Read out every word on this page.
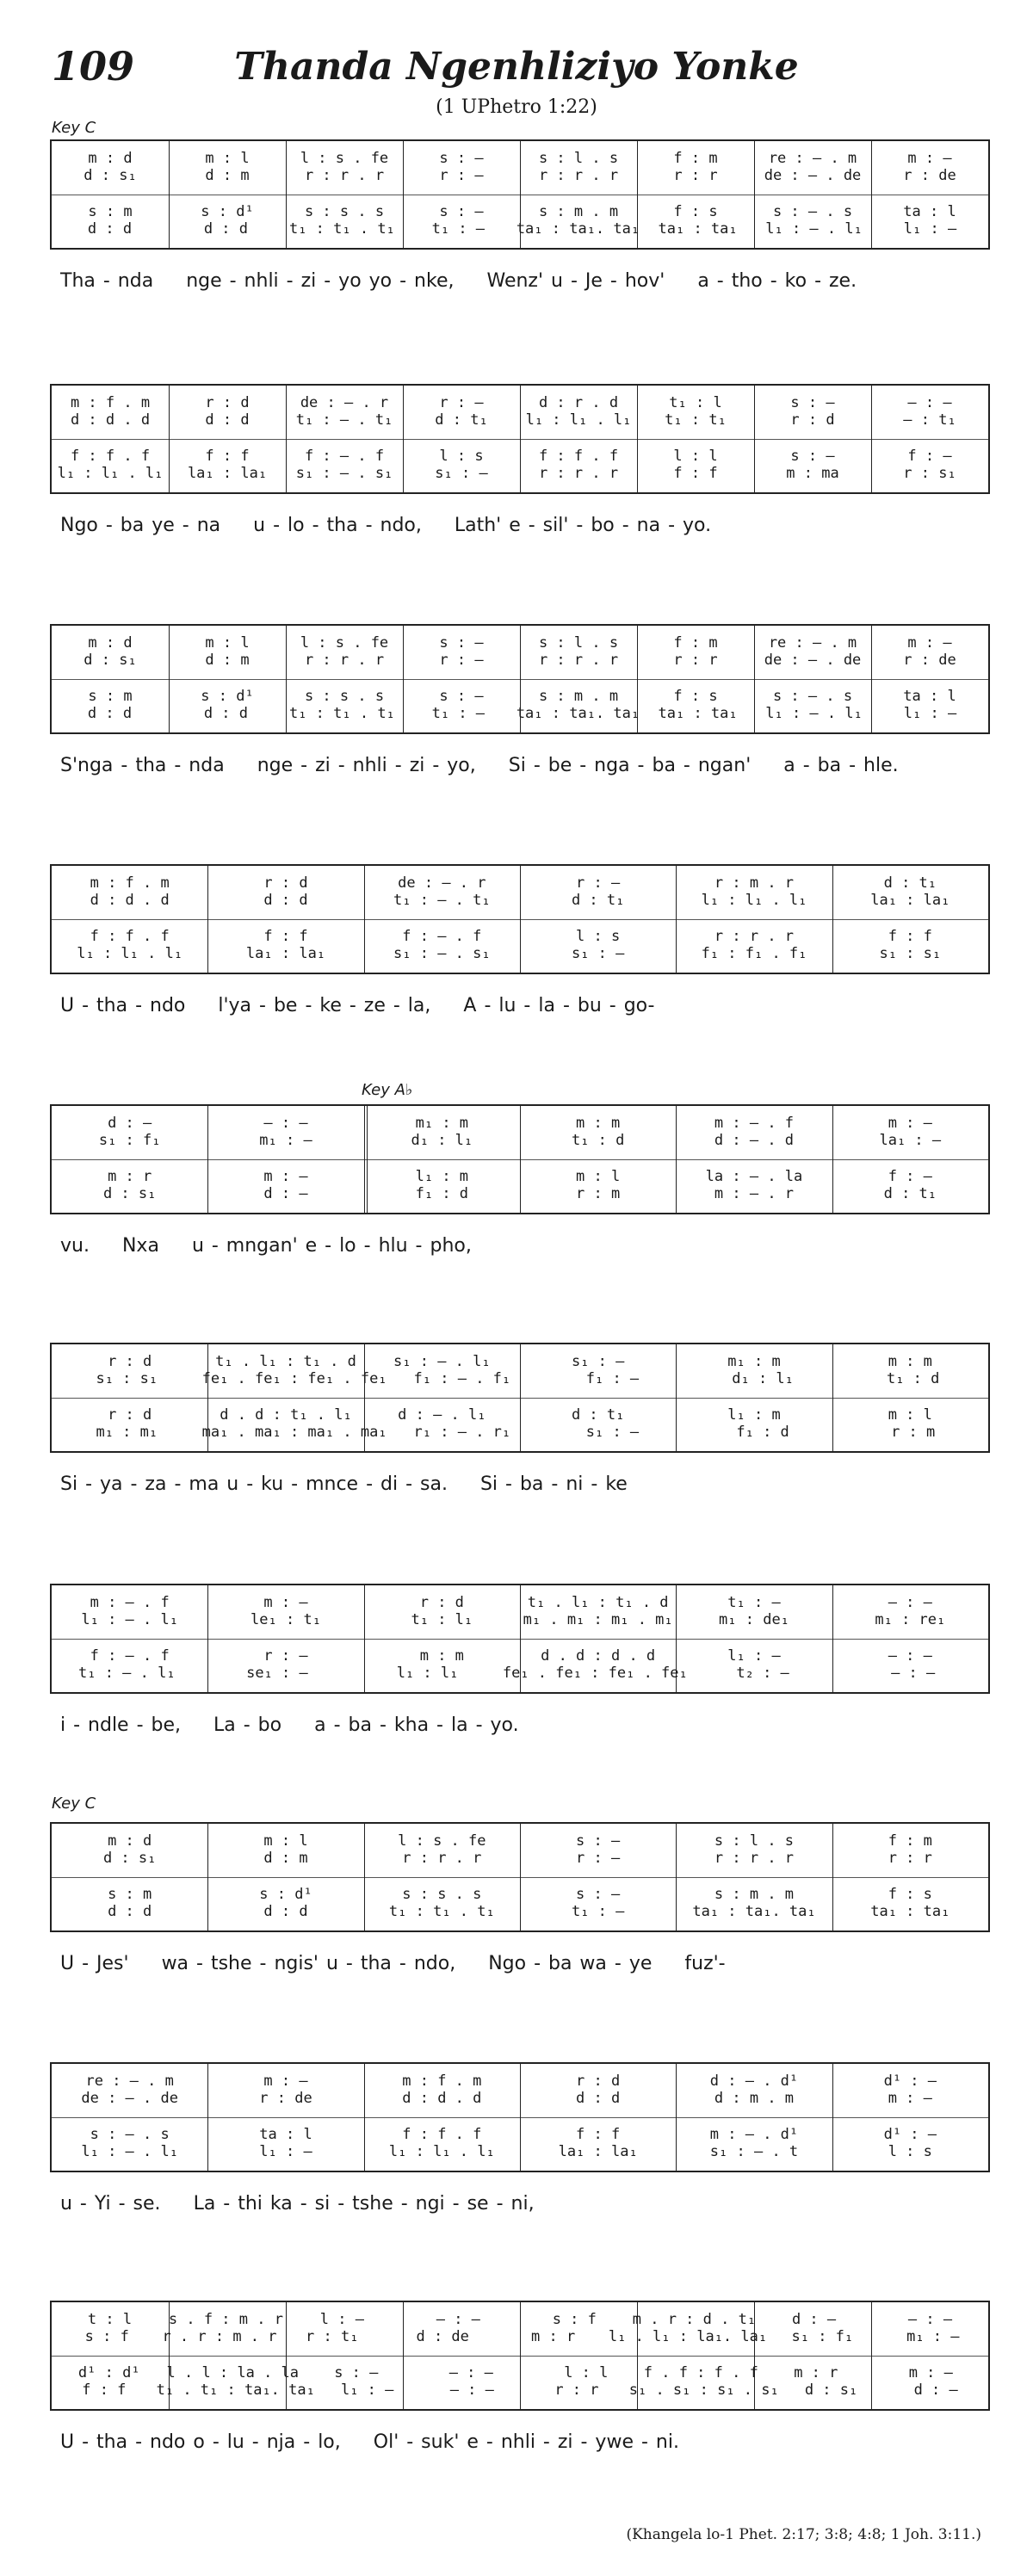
109	Thanda Ngenhliziyo Yonke
(1 UPhetro 1:22)
Key C
Key A♭
Key C
m : d	m : l	l : s . fe	s : —	s : l . s	f : m	re : – . m	m : —
d : s₁	d : m	r : r . r	r : —	r : r . r	r : r	de : – . de	r : de
s : m	s : d¹	s : s . s	s : —	s : m . m	f : s	s : – . s	ta : l
d : d	d : d	t₁ : t₁ . t₁	t₁ : —	ta₁ : ta₁. ta₁	ta₁ : ta₁	l₁ : – . l₁	l₁ : —
Tha - nda nge - nhli - zi - yo yo - nke, Wenz' u - Je - hov' a - tho - ko - ze.
m : f . m	r : d	de : – . r	r : —	d : r . d	t₁ : l	s : —	— : —
d : d . d	d : d	t₁ : – . t₁	d : t₁	l₁ : l₁ . l₁	t₁ : t₁	r : d	— : t₁
f : f . f	f : f	f : – . f	l : s	f : f . f	l : l	s : —	f : —
l₁ : l₁ . l₁	la₁ : la₁	s₁ : – . s₁	s₁ : —	r : r . r	f : f	m : ma	r : s₁
Ngo - ba ye - na u - lo - tha - ndo, Lath' e - sil' - bo - na - yo.
m : d	m : l	l : s . fe	s : —	s : l . s	f : m	re : – . m	m : —
d : s₁	d : m	r : r . r	r : —	r : r . r	r : r	de : – . de	r : de
s : m	s : d¹	s : s . s	s : —	s : m . m	f : s	s : – . s	ta : l
d : d	d : d	t₁ : t₁ . t₁	t₁ : —	ta₁ : ta₁. ta₁	ta₁ : ta₁	l₁ : – . l₁	l₁ : —
S'nga - tha - nda nge - zi - nhli - zi - yo, Si - be - nga - ba - ngan' a - ba - hle.
m : f . m	r : d	de : – . r	r : —	r : m . r	d : t₁
d : d . d	d : d	t₁ : – . t₁	d : t₁	l₁ : l₁ . l₁	la₁ : la₁
f : f . f	f : f	f : – . f	l : s	r : r . r	f : f
l₁ : l₁ . l₁	la₁ : la₁	s₁ : – . s₁	s₁ : —	f₁ : f₁ . f₁	s₁ : s₁
U - tha - ndo l'ya - be - ke - ze - la, A - lu - la - bu - go-
d : —	— : —	m₁ : m	m : m	m : – . f	m : —
s₁ : f₁	m₁ : —	d₁ : l₁	t₁ : d	d : – . d	la₁ : —
m : r	m : —	l₁ : m	m : l	la : – . la	f : —
d : s₁	d : —	f₁ : d	r : m	m : – . r	d : t₁
vu. Nxa u - mngan' e - lo - hlu - pho,
r : d	t₁ . l₁ : t₁ . d	s₁ : – . l₁	s₁ : —	m₁ : m	m : m
s₁ : s₁	fe₁ . fe₁ : fe₁ . fe₁	f₁ : – . f₁	f₁ : —	d₁ : l₁	t₁ : d
r : d	d . d : t₁ . l₁	d : – . l₁	d : t₁	l₁ : m	m : l
m₁ : m₁	ma₁ . ma₁ : ma₁ . ma₁	r₁ : – . r₁	s₁ : —	f₁ : d	r : m
Si - ya - za - ma u - ku - mnce - di - sa. Si - ba - ni - ke
m : – . f	m : —	r : d	t₁ . l₁ : t₁ . d	t₁ : —	— : —
l₁ : – . l₁	le₁ : t₁	t₁ : l₁	m₁ . m₁ : m₁ . m₁	m₁ : de₁	m₁ : re₁
f : – . f	r : —	m : m	d . d : d . d	l₁ : —	— : —
t₁ : – . l₁	se₁ : —	l₁ : l₁	fe₁ . fe₁ : fe₁ . fe₁	t₂ : —	— : —
i - ndle - be, La - bo a - ba - kha - la - yo.
m : d	m : l	l : s . fe	s : —	s : l . s	f : m
d : s₁	d : m	r : r . r	r : —	r : r . r	r : r
s : m	s : d¹	s : s . s	s : —	s : m . m	f : s
d : d	d : d	t₁ : t₁ . t₁	t₁ : —	ta₁ : ta₁. ta₁	ta₁ : ta₁
U - Jes' wa - tshe - ngis' u - tha - ndo, Ngo - ba wa - ye fuz'-
re : – . m	m : —	m : f . m	r : d	d : – . d¹	d¹ : —
de : – . de	r : de	d : d . d	d : d	d : m . m	m : —
s : – . s	ta : l	f : f . f	f : f	m : – . d¹	d¹ : —
l₁ : – . l₁	l₁ : —	l₁ : l₁ . l₁	la₁ : la₁	s₁ : – . t	l : s
u - Yi - se. La - thi ka - si - tshe - ngi - se - ni,
t : l	s . f : m . r	l : —	— : —	s : f	m . r : d . t₁	d : —	— : —
s : f	r . r : m . r	r : t₁	d : de	m : r	l₁ . l₁ : la₁. la₁	s₁ : f₁	m₁ : —
d¹ : d¹	l . l : la . la	s : —	— : —	l : l	f . f : f . f	m : r	m : —
f : f	t₁ . t₁ : ta₁. ta₁	l₁ : —	— : —	r : r	s₁ . s₁ : s₁ . s₁	d : s₁	d : —
U - tha - ndo o - lu - nja - lo, Ol' - suk' e - nhli - zi - ywe - ni.
(Khangela lo-1 Phet. 2:17; 3:8; 4:8; 1 Joh. 3:11.)
